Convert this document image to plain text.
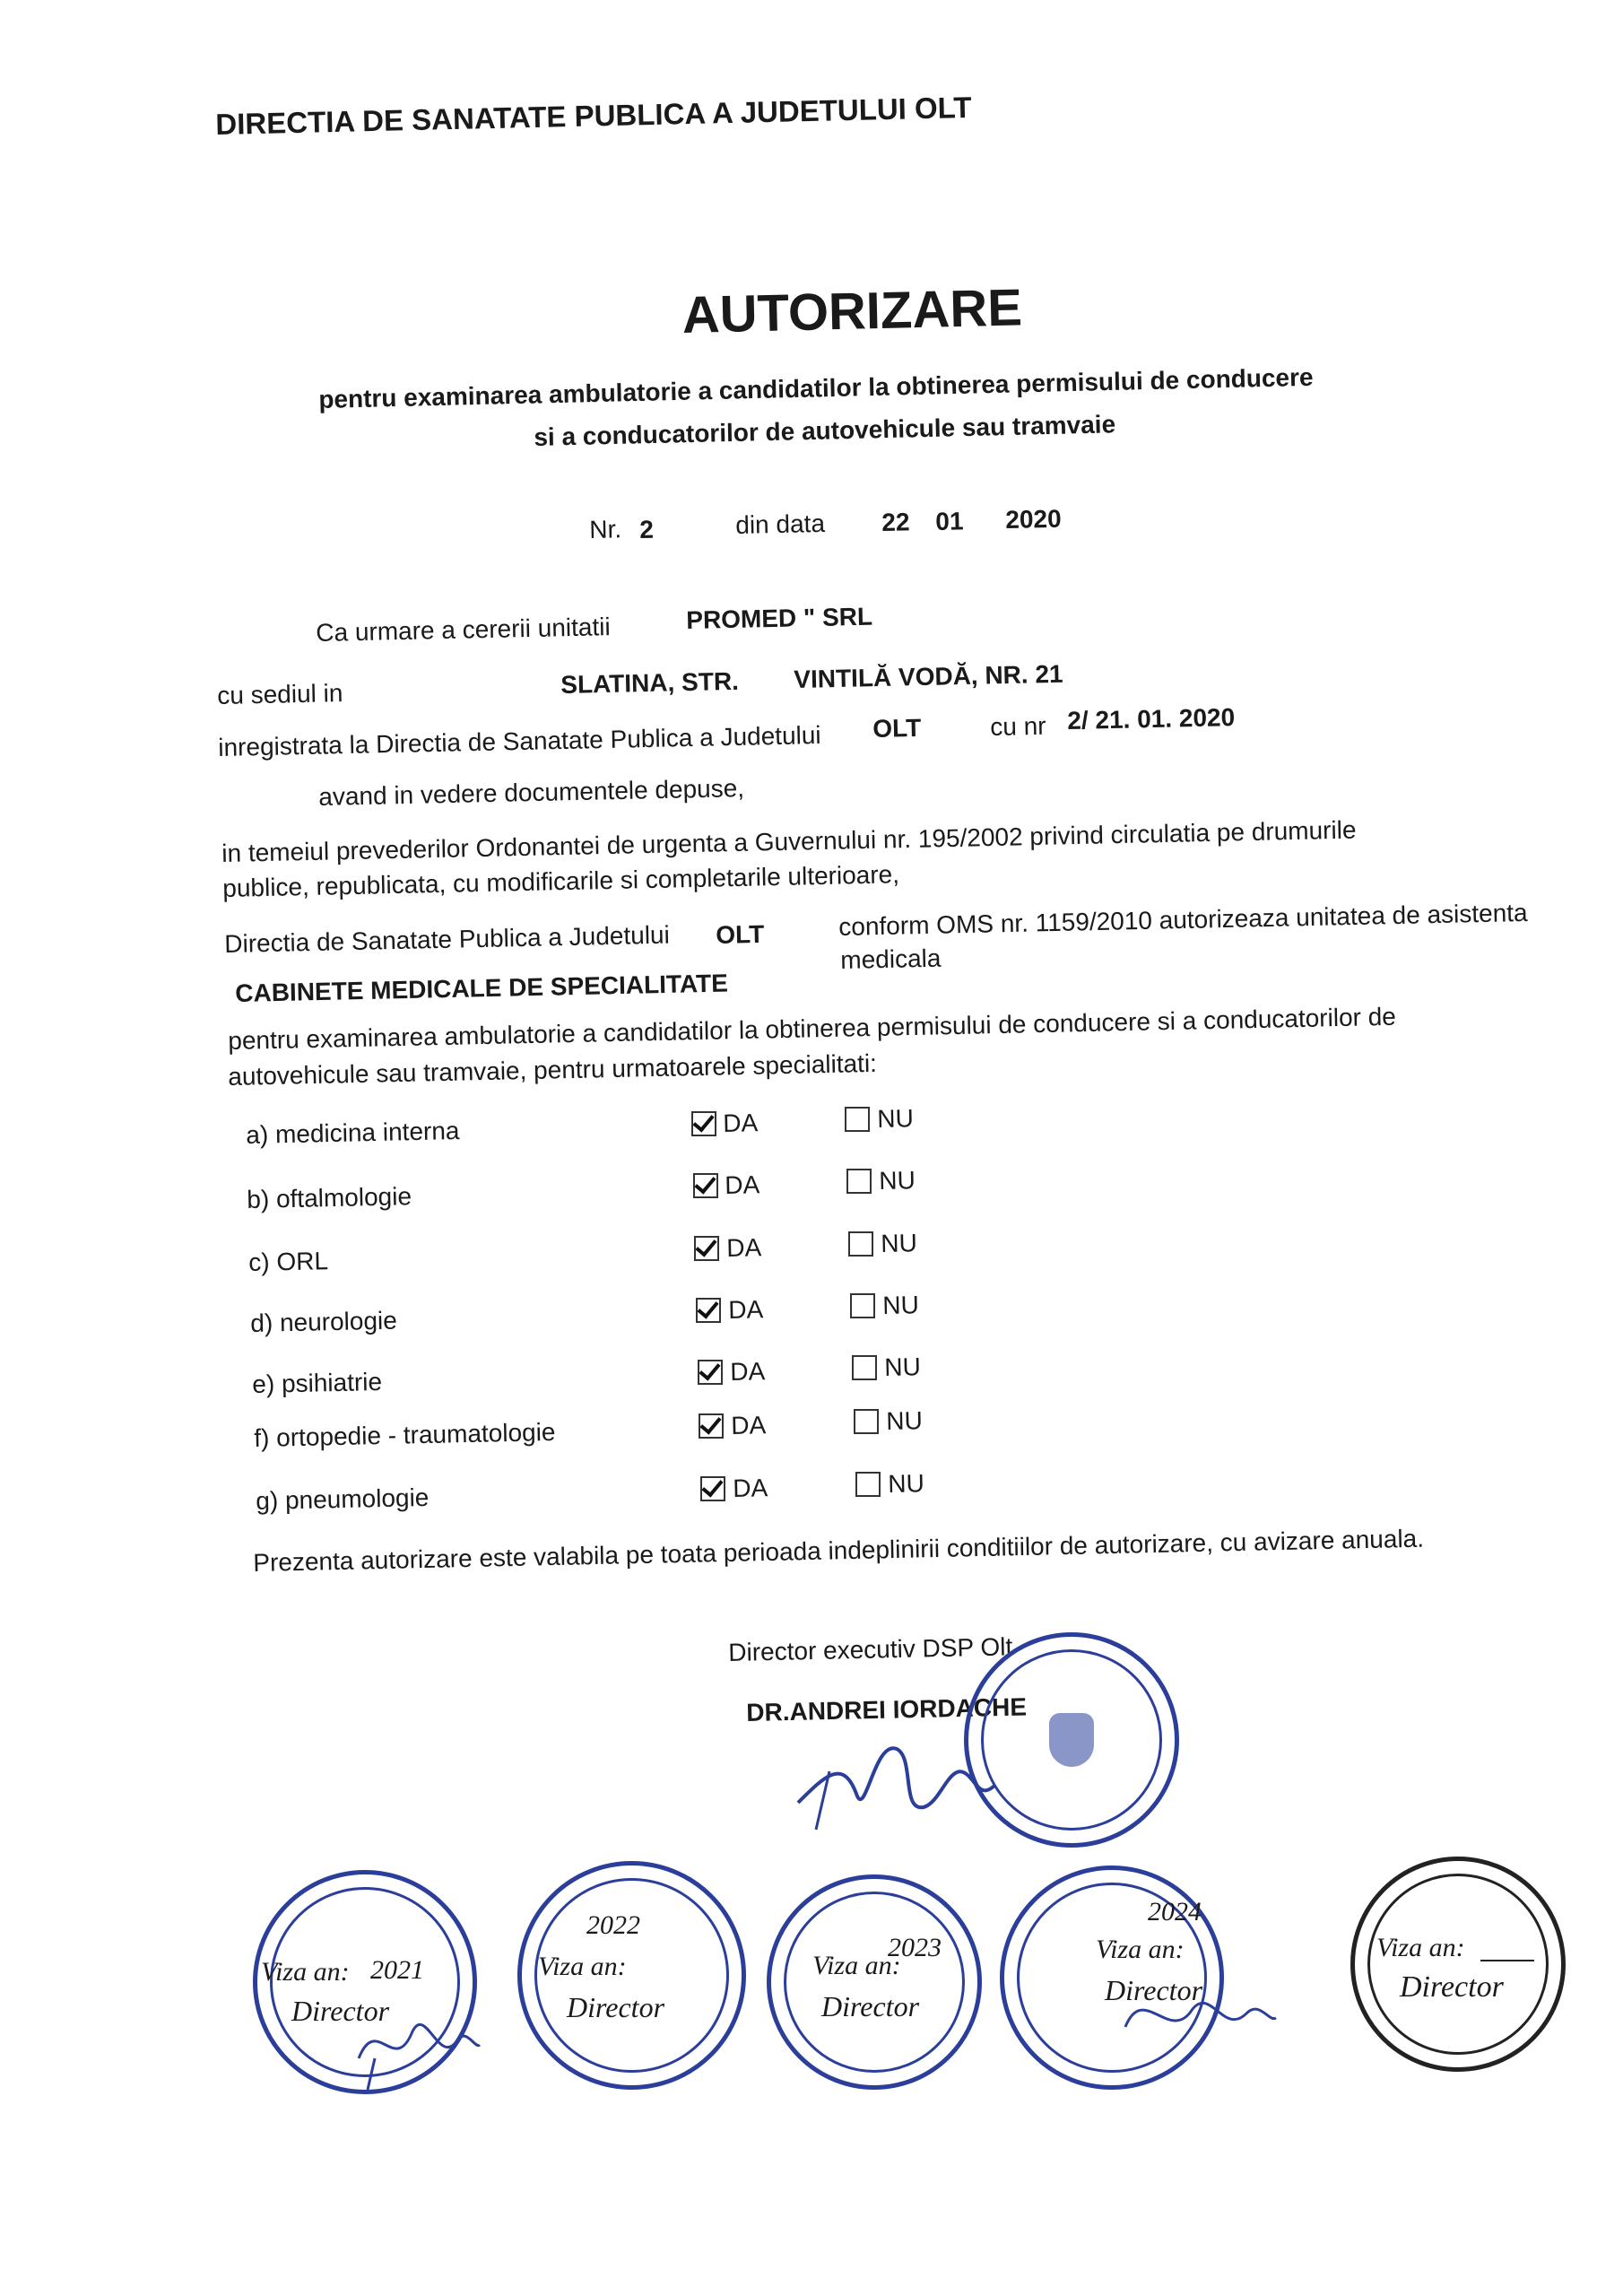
DIRECTIA DE SANATATE PUBLICA A JUDETULUI OLT
AUTORIZARE
pentru examinarea ambulatorie a candidatilor la obtinerea permisului de conducere
si a conducatorilor de autovehicule sau tramvaie
Nr. 2	din data 22 01 2020
Ca urmare a cererii unitatii	PROMED " SRL
cu sediul in	SLATINA, STR. VINTILĂ VODĂ, NR. 21
inregistrata la Directia de Sanatate Publica a Judetului OLT	cu nr 2/ 21. 01. 2020
avand in vedere documentele depuse,
in temeiul prevederilor Ordonantei de urgenta a Guvernului nr. 195/2002 privind circulatia pe drumurile
publice, republicata, cu modificarile si completarile ulterioare,
Directia de Sanatate Publica a Judetului OLT	conform OMS nr. 1159/2010 autorizeaza unitatea de asistenta
medicala
CABINETE MEDICALE DE SPECIALITATE
pentru examinarea ambulatorie a candidatilor la obtinerea permisului de conducere si a conducatorilor de
autovehicule sau tramvaie, pentru urmatoarele specialitati:
a) medicina interna	DA	NU
b) oftalmologie	DA	NU
c) ORL	DA	NU
d) neurologie	DA	NU
e) psihiatrie	DA	NU
f) ortopedie - traumatologie	DA	NU
g) pneumologie	DA	NU
Prezenta autorizare este valabila pe toata perioada indeplinirii conditiilor de autorizare, cu avizare anuala.
Director executiv DSP Olt
DR.ANDREI IORDACHE
Viza an: 2021
Director
Viza an:
2022
Director
Viza an:
2023
Director
Viza an:
2024
Director
Viza an:
Director
